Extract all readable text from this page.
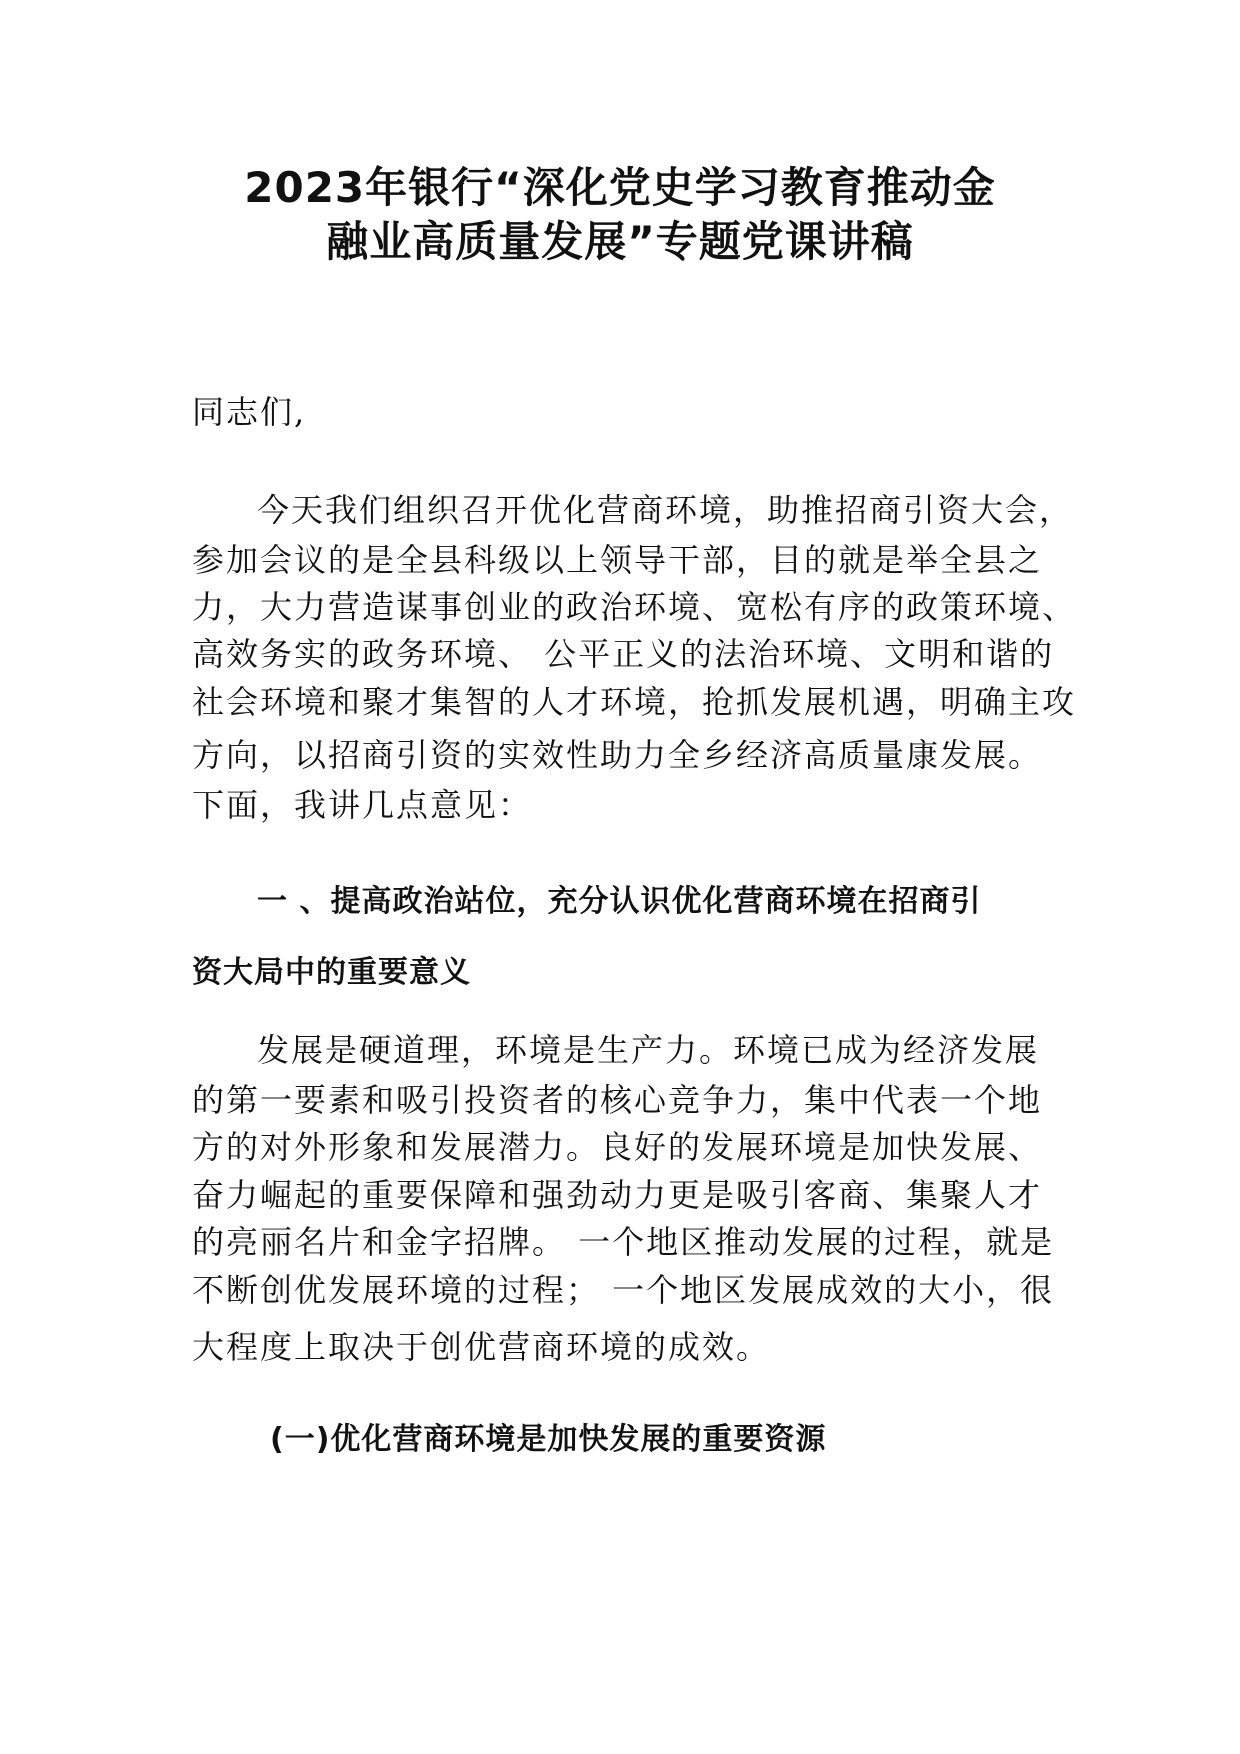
2023年银行“深化党史学习教育推动金
融业高质量发展”专题党课讲稿

同志们,

今天我们组织召开优化营商环境，助推招商引资大会，

参加会议的是全县科级以上领导干部，目的就是举全县之

力，大力营造谋事创业的政治环境、宽松有序的政策环境、

高效务实的政务环境、 公平正义的法治环境、文明和谐的

社会环境和聚才集智的人才环境，抢抓发展机遇，明确主攻

方向，以招商引资的实效性助力全乡经济高质量康发展。

下面，我讲几点意见：

一 、提高政治站位，充分认识优化营商环境在招商引

资大局中的重要意义

发展是硬道理，环境是生产力。环境已成为经济发展

的第一要素和吸引投资者的核心竞争力，集中代表一个地

方的对外形象和发展潜力。良好的发展环境是加快发展、

奋力崛起的重要保障和强劲动力更是吸引客商、集聚人才

的亮丽名片和金字招牌。 一个地区推动发展的过程，就是

不断创优发展环境的过程； 一个地区发展成效的大小，很

大程度上取决于创优营商环境的成效。

(一)优化营商环境是加快发展的重要资源
